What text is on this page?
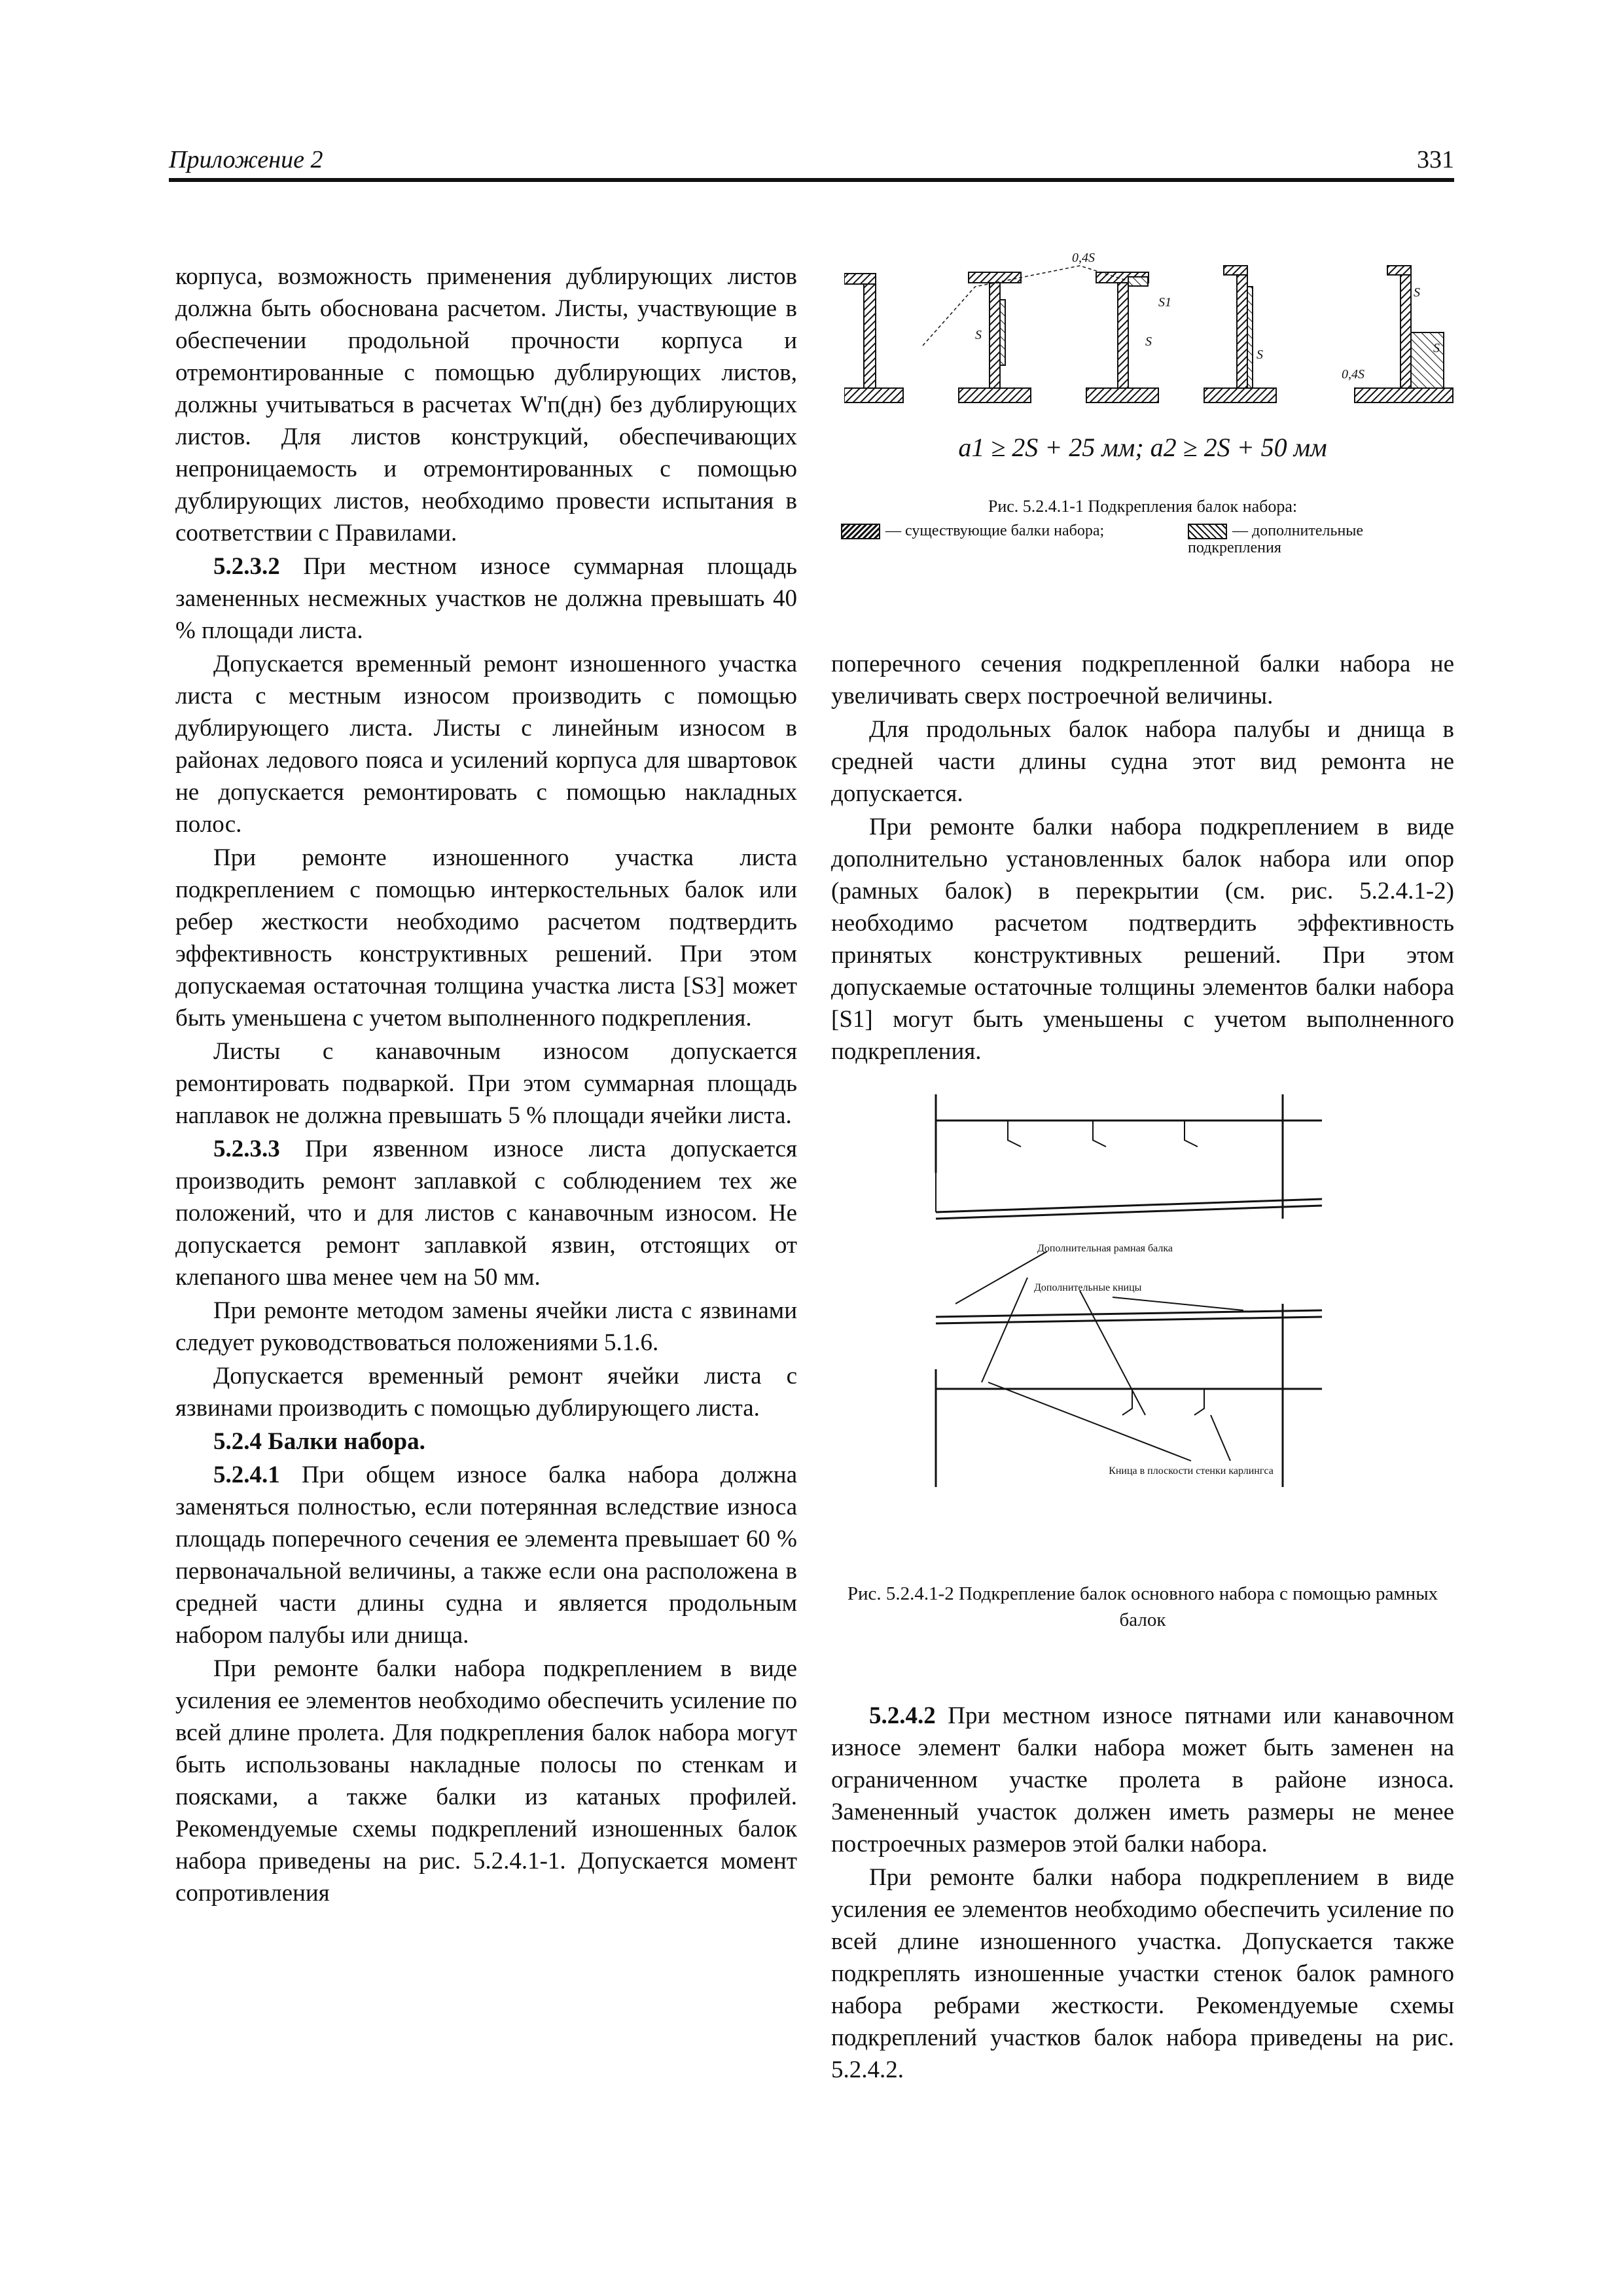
Приложение 2	331

корпуса, возможность применения дублирующих листов должна быть обоснована расчетом. Листы, участвующие в обеспечении продольной прочности корпуса и отремонтированные с помощью дублирующих листов, должны учитываться в расчетах W'п(дн) без дублирующих листов. Для листов конструкций, обеспечивающих непроницаемость и отремонтированных с помощью дублирующих листов, необходимо провести испытания в соответствии с Правилами.

5.2.3.2 При местном износе суммарная площадь замененных несмежных участков не должна превышать 40 % площади листа.

Допускается временный ремонт изношенного участка листа с местным износом производить с помощью дублирующего листа. Листы с линейным износом в районах ледового пояса и усилений корпуса для швартовок не допускается ремонтировать с помощью накладных полос.

При ремонте изношенного участка листа подкреплением с помощью интеркостельных балок или ребер жесткости необходимо расчетом подтвердить эффективность конструктивных решений. При этом допускаемая остаточная толщина участка листа [S3] может быть уменьшена с учетом выполненного подкрепления.

Листы с канавочным износом допускается ремонтировать подваркой. При этом суммарная площадь наплавок не должна превышать 5 % площади ячейки листа.

5.2.3.3 При язвенном износе листа допускается производить ремонт заплавкой с соблюдением тех же положений, что и для листов с канавочным износом. Не допускается ремонт заплавкой язвин, отстоящих от клепаного шва менее чем на 50 мм.

При ремонте методом замены ячейки листа с язвинами следует руководствоваться положениями 5.1.6.

Допускается временный ремонт ячейки листа с язвинами производить с помощью дублирующего листа.

5.2.4 Балки набора.

5.2.4.1 При общем износе балка набора должна заменяться полностью, если потерянная вследствие износа площадь поперечного сечения ее элемента превышает 60 % первоначальной величины, а также если она расположена в средней части длины судна и является продольным набором палубы или днища.

При ремонте балки набора подкреплением в виде усиления ее элементов необходимо обеспечить усиление по всей длине пролета. Для подкрепления балок набора могут быть использованы накладные полосы по стенкам и поясками, а также балки из катаных профилей. Рекомендуемые схемы подкреплений изношенных балок набора приведены на рис. 5.2.4.1-1. Допускается момент сопротивления

0,4S
S
S1
S
S
0,4S
S
S
a1 ≥ 2S + 25 мм; a2 ≥ 2S + 50 мм
Рис. 5.2.4.1-1 Подкрепления балок набора:
— существующие балки набора;	— дополнительные подкрепления

поперечного сечения подкрепленной балки набора не увеличивать сверх построечной величины.

Для продольных балок набора палубы и днища в средней части длины судна этот вид ремонта не допускается.

При ремонте балки набора подкреплением в виде дополнительно установленных балок набора или опор (рамных балок) в перекрытии (см. рис. 5.2.4.1-2) необходимо расчетом подтвердить эффективность принятых конструктивных решений. При этом допускаемые остаточные толщины элементов балки набора [S1] могут быть уменьшены с учетом выполненного подкрепления.

Дополнительная рамная балка
Дополнительные кницы
Кница в плоскости стенки карлингса
Рис. 5.2.4.1-2 Подкрепление балок основного набора с помощью рамных балок

5.2.4.2 При местном износе пятнами или канавочном износе элемент балки набора может быть заменен на ограниченном участке пролета в районе износа. Замененный участок должен иметь размеры не менее построечных размеров этой балки набора.

При ремонте балки набора подкреплением в виде усиления ее элементов необходимо обеспечить усиление по всей длине изношенного участка. Допускается также подкреплять изношенные участки стенок балок рамного набора ребрами жесткости. Рекомендуемые схемы подкреплений участков балок набора приведены на рис. 5.2.4.2.
